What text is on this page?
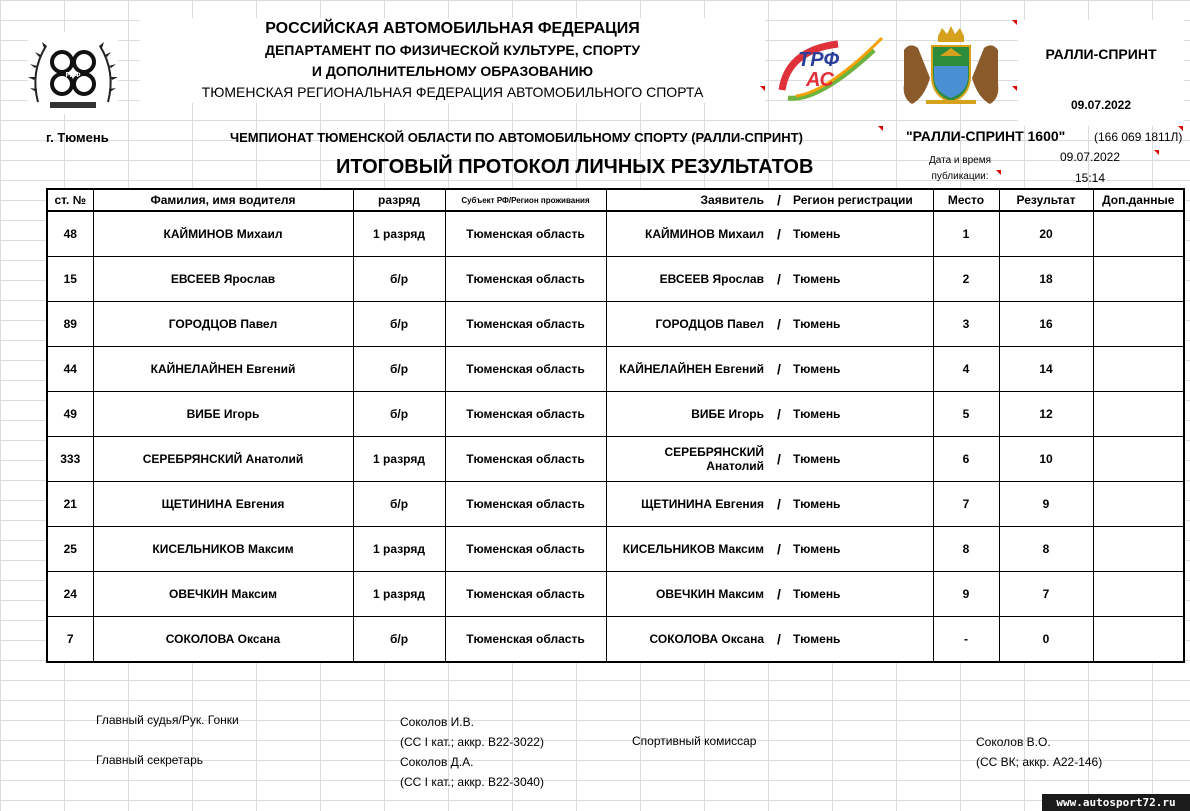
РОССИЙСКАЯ АВТОМОБИЛЬНАЯ ФЕДЕРАЦИЯ
ДЕПАРТАМЕНТ ПО ФИЗИЧЕСКОЙ КУЛЬТУРЕ, СПОРТУ
И ДОПОЛНИТЕЛЬНОМУ ОБРАЗОВАНИЮ
ТЮМЕНСКАЯ РЕГИОНАЛЬНАЯ ФЕДЕРАЦИЯ АВТОМОБИЛЬНОГО СПОРТА
РАФ
ТРФ
АС
РАЛЛИ-СПРИНТ
09.07.2022
г. Тюмень	ЧЕМПИОНАТ ТЮМЕНСКОЙ ОБЛАСТИ ПО АВТОМОБИЛЬНОМУ СПОРТУ (РАЛЛИ-СПРИНТ)	"РАЛЛИ-СПРИНТ 1600" (166 069 1811Л)
ИТОГОВЫЙ ПРОТОКОЛ ЛИЧНЫХ РЕЗУЛЬТАТОВ	Дата и время
публикации:
09.07.2022
15:14
ст. №	Фамилия, имя водителя	разряд	Субъект РФ/Регион проживания	Заявитель	/	Регион регистрации	Место	Результат	Доп.данные
48	КАЙМИНОВ Михаил	1 разряд	Тюменская область	КАЙМИНОВ Михаил	/	Тюмень	1	20	
15	ЕВСЕЕВ Ярослав	б/р	Тюменская область	ЕВСЕЕВ Ярослав	/	Тюмень	2	18	
89	ГОРОДЦОВ Павел	б/р	Тюменская область	ГОРОДЦОВ Павел	/	Тюмень	3	16	
44	КАЙНЕЛАЙНЕН Евгений	б/р	Тюменская область	КАЙНЕЛАЙНЕН Евгений	/	Тюмень	4	14	
49	ВИБЕ Игорь	б/р	Тюменская область	ВИБЕ Игорь	/	Тюмень	5	12	
333	СЕРЕБРЯНСКИЙ Анатолий	1 разряд	Тюменская область	СЕРЕБРЯНСКИЙ Анатолий	/	Тюмень	6	10	
21	ЩЕТИНИНА Евгения	б/р	Тюменская область	ЩЕТИНИНА Евгения	/	Тюмень	7	9	
25	КИСЕЛЬНИКОВ Максим	1 разряд	Тюменская область	КИСЕЛЬНИКОВ Максим	/	Тюмень	8	8	
24	ОВЕЧКИН Максим	1 разряд	Тюменская область	ОВЕЧКИН Максим	/	Тюмень	9	7	
7	СОКОЛОВА Оксана	б/р	Тюменская область	СОКОЛОВА Оксана	/	Тюмень	-	0	
Главный судья/Рук. Гонки	Соколов И.В.
(СС I кат.; аккр. В22-3022)
Главный секретарь	Соколов Д.А.
(СС I кат.; аккр. В22-3040)
Спортивный комиссар	Соколов В.О.
(СС ВК; аккр. А22-146)
www.autosport72.ru
